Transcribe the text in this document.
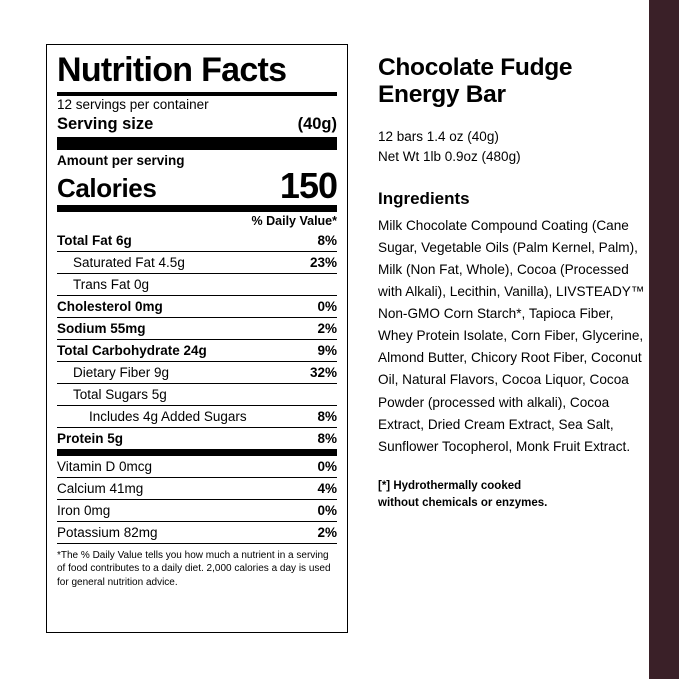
Nutrition Facts
12 servings per container
Serving size	(40g)
Amount per serving
Calories	150
% Daily Value*
Total Fat 6g	8%
Saturated Fat 4.5g	23%
Trans Fat 0g
Cholesterol 0mg	0%
Sodium 55mg	2%
Total Carbohydrate 24g	9%
Dietary Fiber 9g	32%
Total Sugars 5g
Includes 4g Added Sugars	8%
Protein 5g	8%
Vitamin D 0mcg	0%
Calcium 41mg	4%
Iron 0mg	0%
Potassium 82mg	2%
*The % Daily Value tells you how much a nutrient in a serving of food contributes to a daily diet. 2,000 calories a day is used for general nutrition advice.
Chocolate Fudge Energy Bar
12 bars 1.4 oz (40g)
Net Wt 1lb 0.9oz (480g)
Ingredients
Milk Chocolate Compound Coating (Cane Sugar, Vegetable Oils (Palm Kernel, Palm), Milk (Non Fat, Whole), Cocoa (Processed with Alkali), Lecithin, Vanilla), LIVSTEADY™ Non-GMO Corn Starch*, Tapioca Fiber, Whey Protein Isolate, Corn Fiber, Glycerine, Almond Butter, Chicory Root Fiber, Coconut Oil, Natural Flavors, Cocoa Liquor, Cocoa Powder (processed with alkali), Cocoa Extract, Dried Cream Extract, Sea Salt, Sunflower Tocopherol, Monk Fruit Extract.
[*] Hydrothermally cooked
without chemicals or enzymes.
